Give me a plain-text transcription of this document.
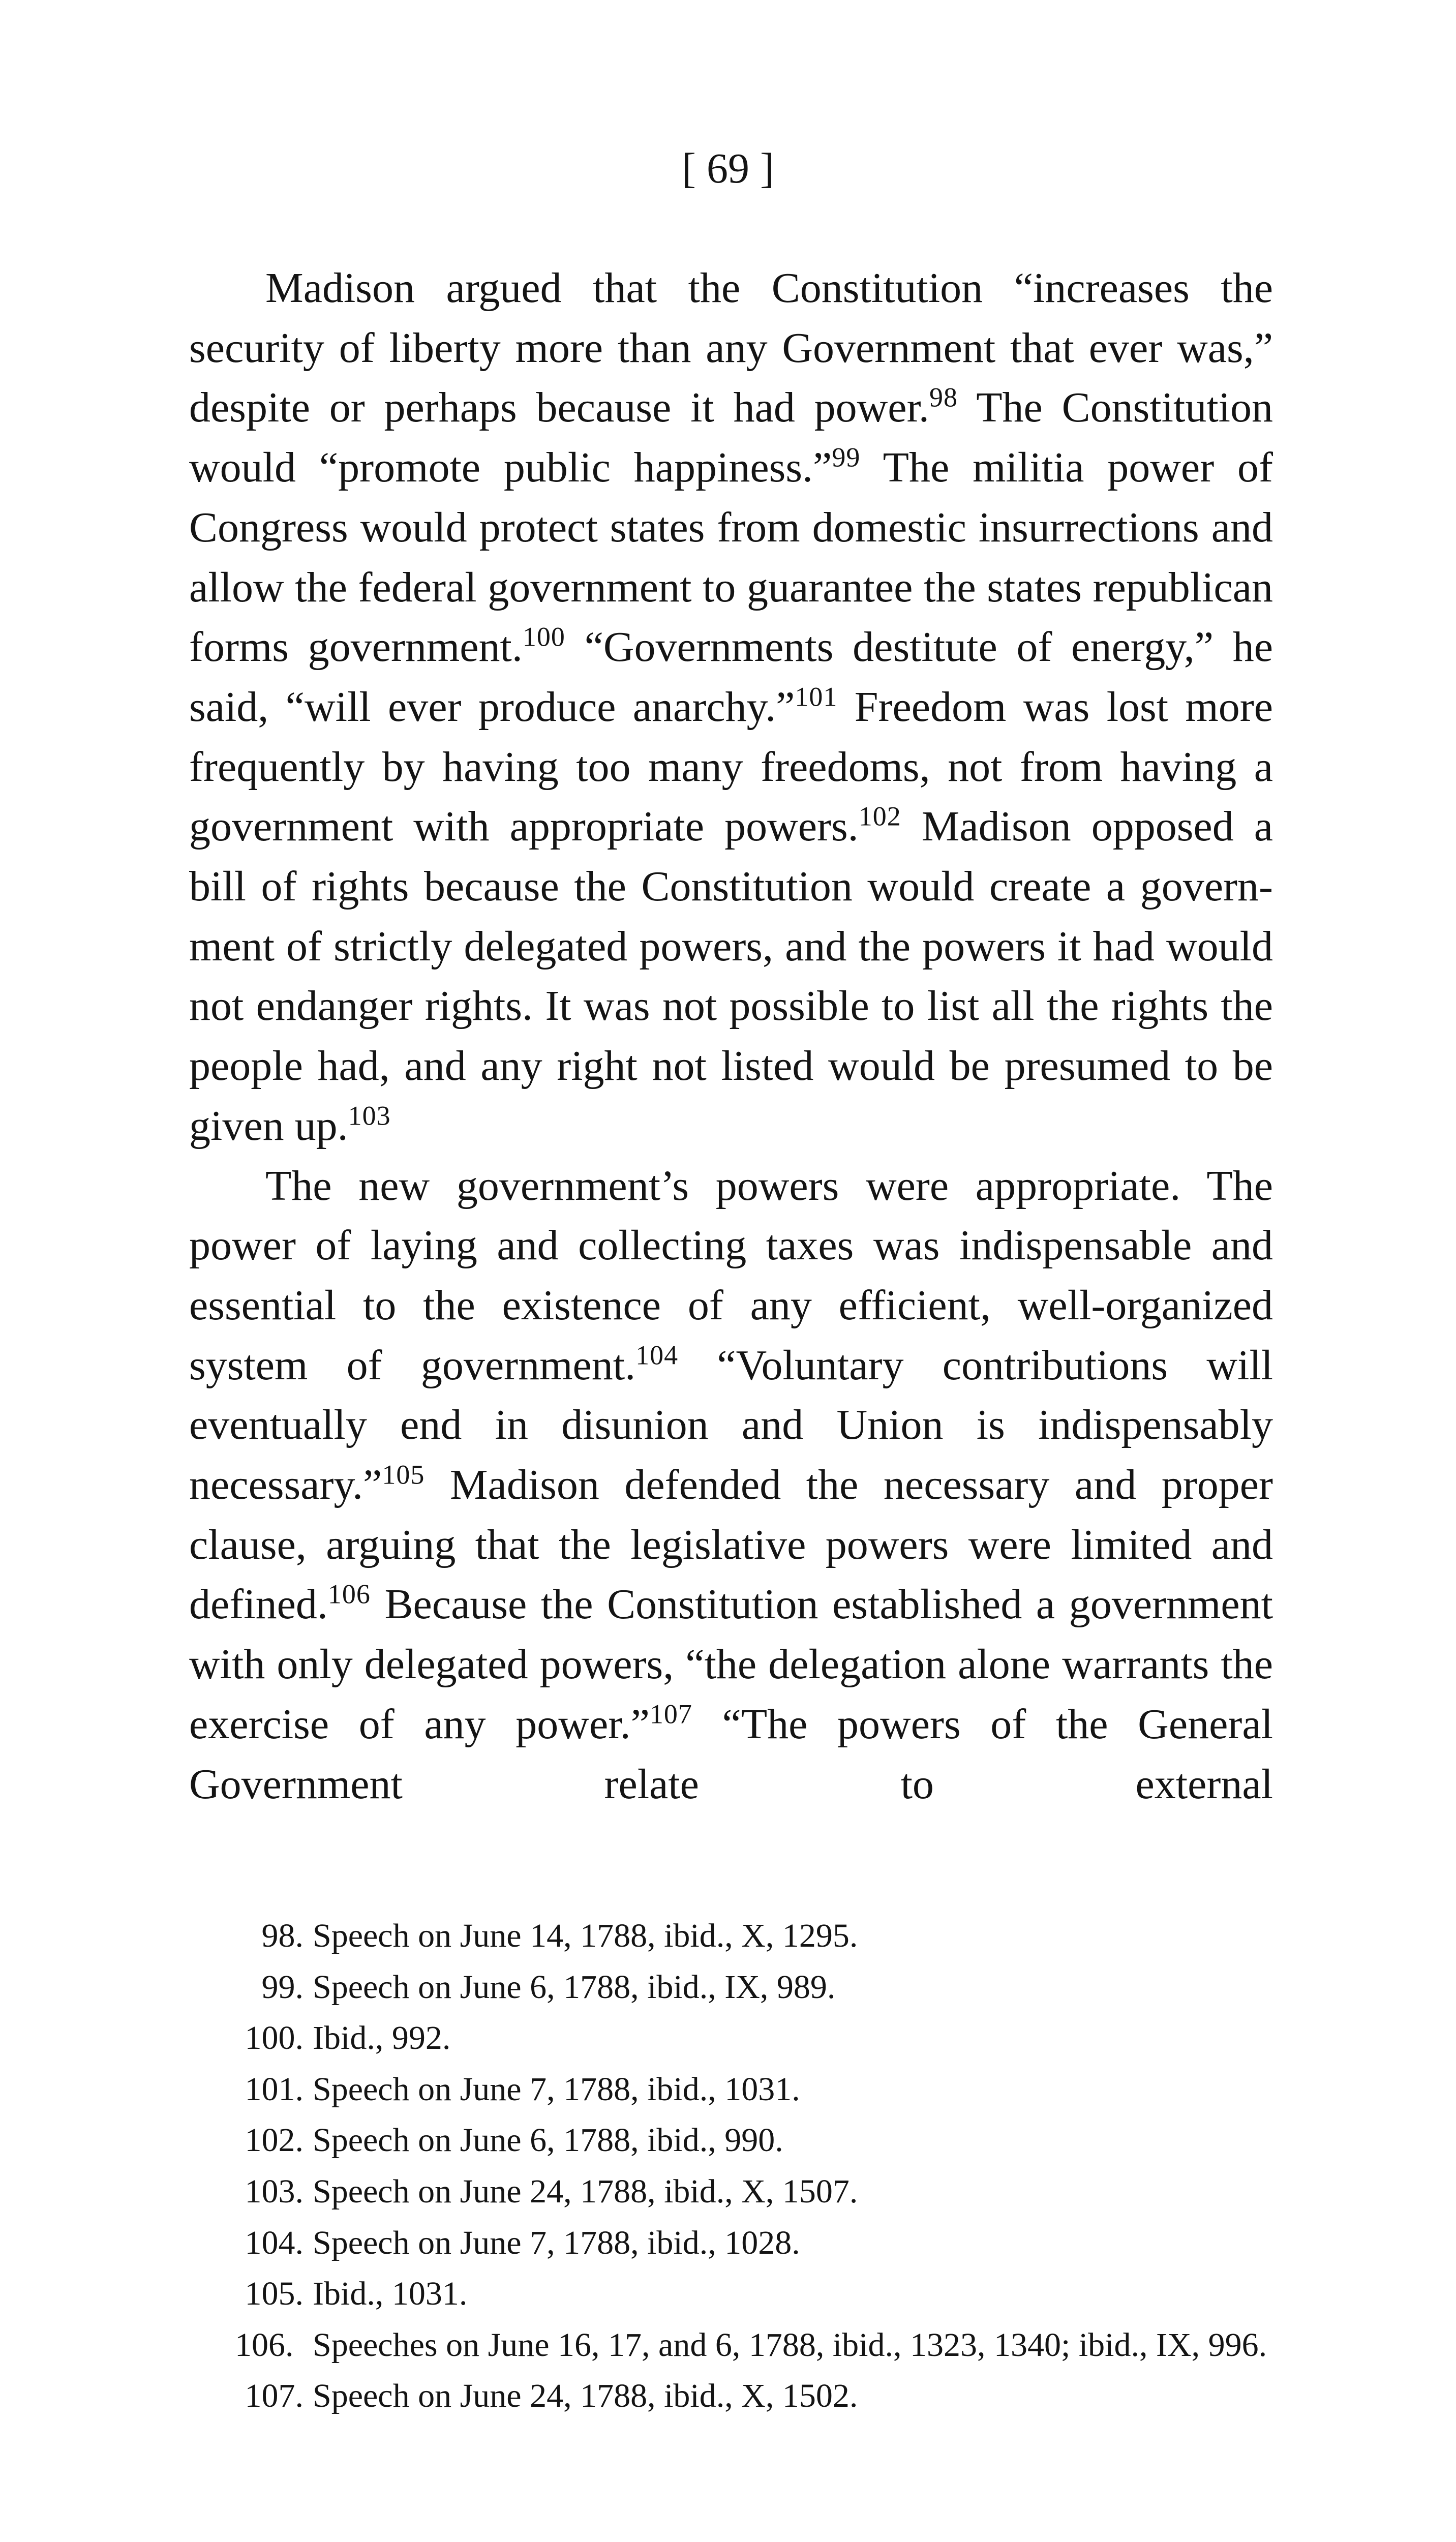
[ 69 ]

Madison argued that the Constitution “increases the security of liberty more than any Government that ever was,” despite or perhaps because it had power.$^{98}$ The Constitution would “promote public happiness.”$^{99}$ The militia power of Congress would protect states from domestic insurrections and allow the federal government to guarantee the states republican forms government.$^{100}$ “Governments destitute of energy,” he said, “will ever produce anarchy.”$^{101}$ Freedom was lost more frequently by having too many freedoms, not from having a government with appropriate powers.$^{102}$ Madison opposed a bill of rights because the Constitution would create a government of strictly delegated powers, and the powers it had would not endanger rights. It was not possible to list all the rights the people had, and any right not listed would be presumed to be given up.$^{103}$

The new government’s powers were appropriate. The power of laying and collecting taxes was indispensable and essential to the existence of any efficient, well-organized system of government.$^{104}$ “Voluntary contributions will eventually end in disunion and Union is indispensably necessary.”$^{105}$ Madison defended the necessary and proper clause, arguing that the legislative powers were limited and defined.$^{106}$ Because the Constitution established a government with only delegated powers, “the delegation alone warrants the exercise of any power.”$^{107}$ “The powers of the General Government relate to external

98. Speech on June 14, 1788, ibid., X, 1295.

99. Speech on June 6, 1788, ibid., IX, 989.

100. Ibid., 992.

101. Speech on June 7, 1788, ibid., 1031.

102. Speech on June 6, 1788, ibid., 990.

103. Speech on June 24, 1788, ibid., X, 1507.

104. Speech on June 7, 1788, ibid., 1028.

105. Ibid., 1031.

106. Speeches on June 16, 17, and 6, 1788, ibid., 1323, 1340; ibid., IX, 996.

107. Speech on June 24, 1788, ibid., X, 1502.
